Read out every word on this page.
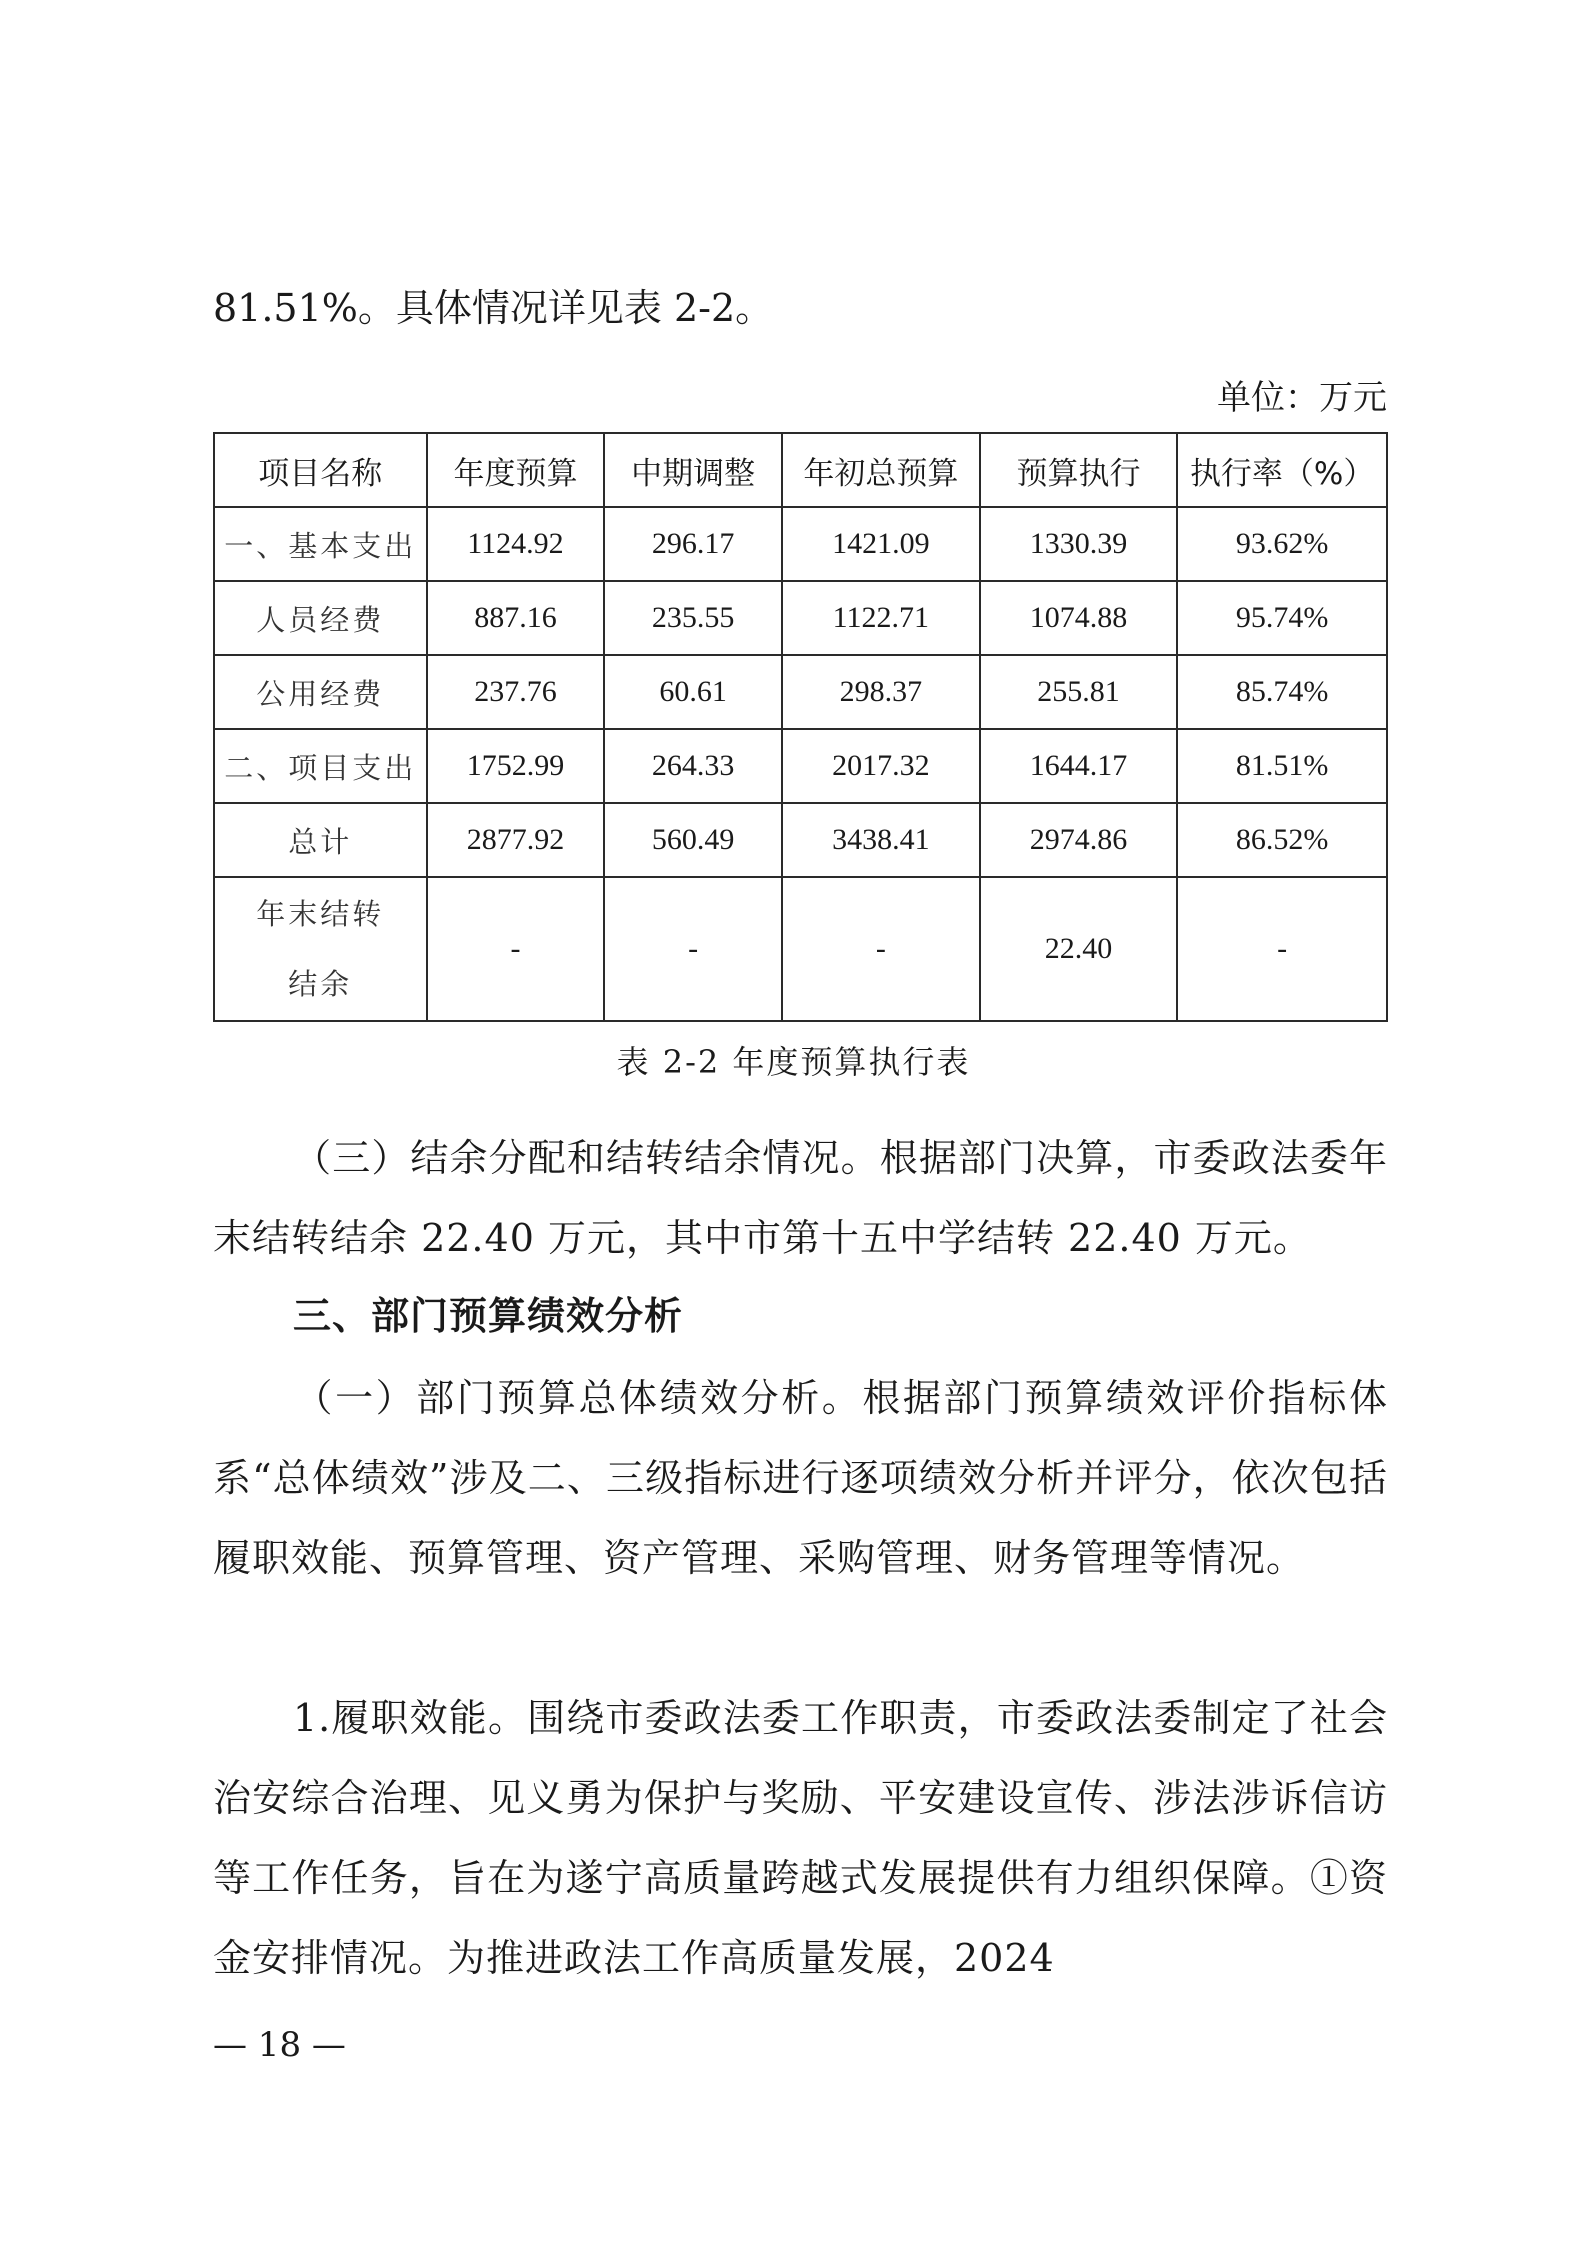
81.51%。具体情况详见表 2-2。
单位：万元
项目名称	年度预算	中期调整	年初总预算	预算执行	执行率（%）
一、基本支出	1124.92	296.17	1421.09	1330.39	93.62%
人员经费	887.16	235.55	1122.71	1074.88	95.74%
公用经费	237.76	60.61	298.37	255.81	85.74%
二、项目支出	1752.99	264.33	2017.32	1644.17	81.51%
总计	2877.92	560.49	3438.41	2974.86	86.52%
年末结转结余	-	-	-	22.40	-
表 2-2 年度预算执行表

（三）结余分配和结转结余情况。根据部门决算，市委政法委年末结转结余 22.40 万元，其中市第十五中学结转 22.40 万元。

三、部门预算绩效分析

（一）部门预算总体绩效分析。根据部门预算绩效评价指标体系“总体绩效”涉及二、三级指标进行逐项绩效分析并评分，依次包括履职效能、预算管理、资产管理、采购管理、财务管理等情况。

1.履职效能。围绕市委政法委工作职责，市委政法委制定了社会治安综合治理、见义勇为保护与奖励、平安建设宣传、涉法涉诉信访等工作任务，旨在为遂宁高质量跨越式发展提供有力组织保障。①资金安排情况。为推进政法工作高质量发展，2024

— 18 —
